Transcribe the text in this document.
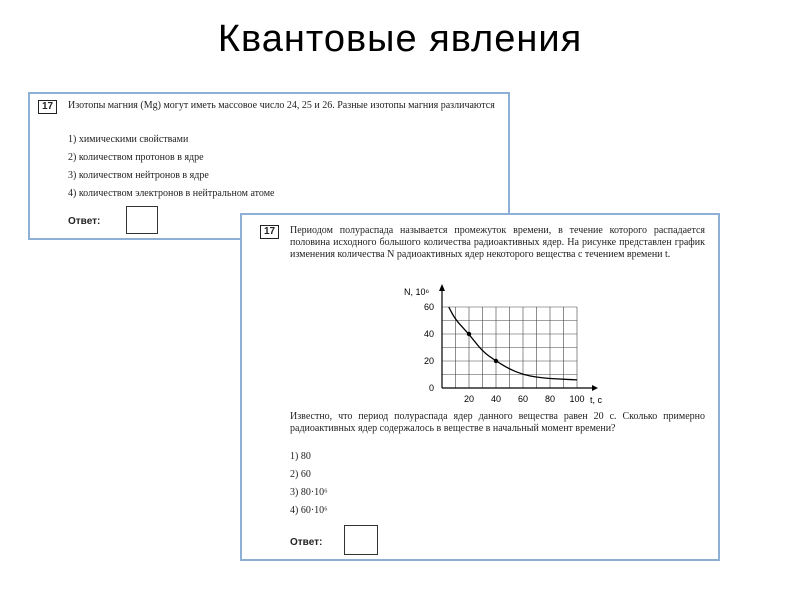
Квантовые явления
17	Изотопы магния (Mg) могут иметь массовое число 24, 25 и 26. Разные изотопы магния различаются
1) химическими свойствами
2) количеством протонов в ядре
3) количеством нейтронов в ядре
4) количеством электронов в нейтральном атоме
Ответ:
17	Периодом полураспада называется промежуток времени, в течение которого распадается половина исходного большого количества радиоактивных ядер. На рисунке представлен график изменения количества N радиоактивных ядер некоторого вещества с течением времени t.
0
20
40
60
20 40 60 80 100
N, 10⁶
t, с
Известно, что период полураспада ядер данного вещества равен 20 с. Сколько примерно радиоактивных ядер содержалось в веществе в начальный момент времени?
1) 80
2) 60
3) 80·10⁶
4) 60·10⁶
Ответ:
